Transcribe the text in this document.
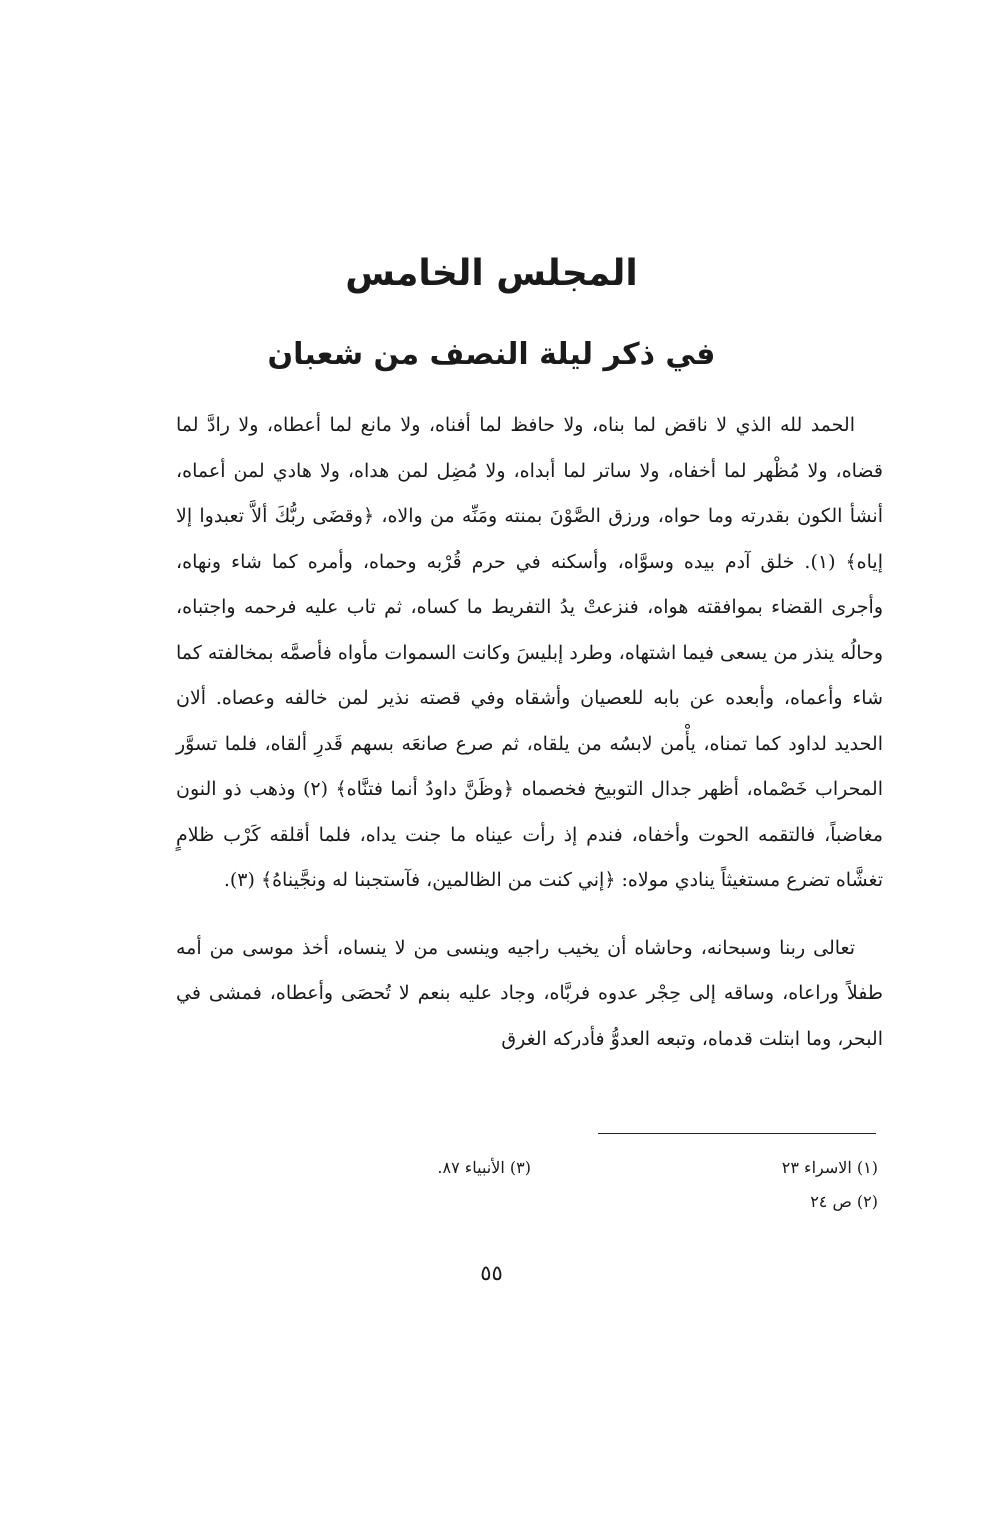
المجلس الخامس
في ذكر ليلة النصف من شعبان

الحمد لله الذي لا ناقض لما بناه، ولا حافظ لما أفناه، ولا مانع لما أعطاه، ولا رادَّ لما قضاه، ولا مُظْهر لما أخفاه، ولا ساتر لما أبداه، ولا مُضِل لمن هداه، ولا هادي لمن أعماه، أنشأ الكون بقدرته وما حواه، ورزق الصَّوْنَ بمنته ومَنِّه من والاه، ﴿وقضَى ربُّكَ ألاَّ تعبدوا إلا إياه﴾ (١). خلق آدم بيده وسوَّاه، وأسكنه في حرم قُرْبه وحماه، وأمره كما شاء ونهاه، وأجرى القضاء بموافقته هواه، فنزعتْ يدُ التفريط ما كساه، ثم تاب عليه فرحمه واجتباه، وحالُه ينذر من يسعى فيما اشتهاه، وطرد إبليسَ وكانت السموات مأواه فأصمَّه بمخالفته كما شاء وأعماه، وأبعده عن بابه للعصيان وأشقاه وفي قصته نذير لمن خالفه وعصاه. ألان الحديد لداود كما تمناه، يأْمن لابسُه من يلقاه، ثم صرع صانعَه بسهم قَدرِ ألقاه، فلما تسوَّر المحراب خَصْماه، أظهر جدال التوبيخ فخصماه ﴿وظَنَّ داودُ أنما فتنَّاه﴾ (٢) وذهب ذو النون مغاضباً، فالتقمه الحوت وأخفاه، فندم إذ رأت عيناه ما جنت يداه، فلما أقلقه كَرْب ظلامٍ تغشَّاه تضرع مستغيثاً ينادي مولاه: ﴿إني كنت من الظالمين، فآستجبنا له ونجَّيناهُ﴾ (٣).

تعالى ربنا وسبحانه، وحاشاه أن يخيب راجيه وينسى من لا ينساه، أخذ موسى من أمه طفلاً وراعاه، وساقه إلى حِجْر عدوه فربَّاه، وجاد عليه بنعم لا تُحصَى وأعطاه، فمشى في البحر، وما ابتلت قدماه، وتبعه العدوُّ فأدركه الغرق

(١) الاسراء ٢٣
(٢) ص ٢٤
(٣) الأنبياء ٨٧.
٥٥
